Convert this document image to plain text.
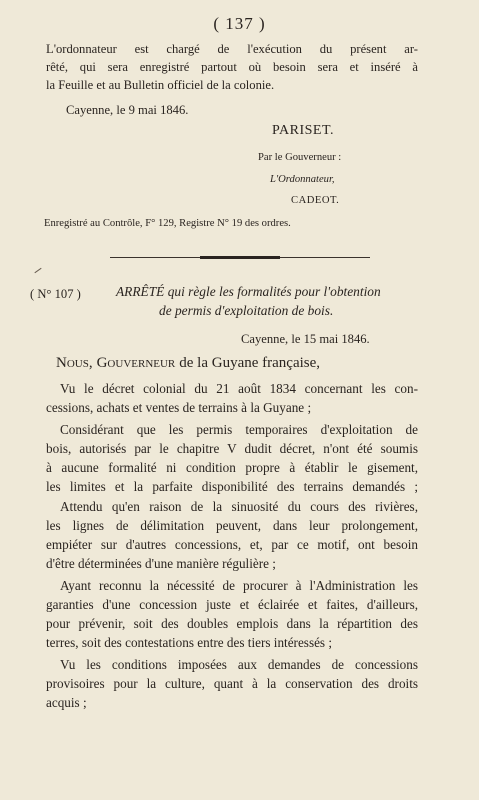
( 137 )
L'ordonnateur est chargé de l'exécution du présent ar-
rêté, qui sera enregistré partout où besoin sera et inséré à
la Feuille et au Bulletin officiel de la colonie.
Cayenne, le 9 mai 1846.
PARISET.
Par le Gouverneur :
L'Ordonnateur,
CADEOT.
Enregistré au Contrôle, F° 129, Registre N° 19 des ordres.
( N° 107 )	ARRÊTÉ qui règle les formalités pour l'obtention
de permis d'exploitation de bois.
Cayenne, le 15 mai 1846.
Nous, Gouverneur de la Guyane française,
Vu le décret colonial du 21 août 1834 concernant les con-
cessions, achats et ventes de terrains à la Guyane ;
Considérant que les permis temporaires d'exploitation de
bois, autorisés par le chapitre V dudit décret, n'ont été soumis
à aucune formalité ni condition propre à établir le gisement,
les limites et la parfaite disponibilité des terrains demandés ;
Attendu qu'en raison de la sinuosité du cours des rivières,
les lignes de délimitation peuvent, dans leur prolongement,
empiéter sur d'autres concessions, et, par ce motif, ont besoin
d'être déterminées d'une manière régulière ;
Ayant reconnu la nécessité de procurer à l'Administration les
garanties d'une concession juste et éclairée et faites, d'ailleurs,
pour prévenir, soit des doubles emplois dans la répartition des
terres, soit des contestations entre des tiers intéressés ;
Vu les conditions imposées aux demandes de concessions
provisoires pour la culture, quant à la conservation des droits
acquis ;
